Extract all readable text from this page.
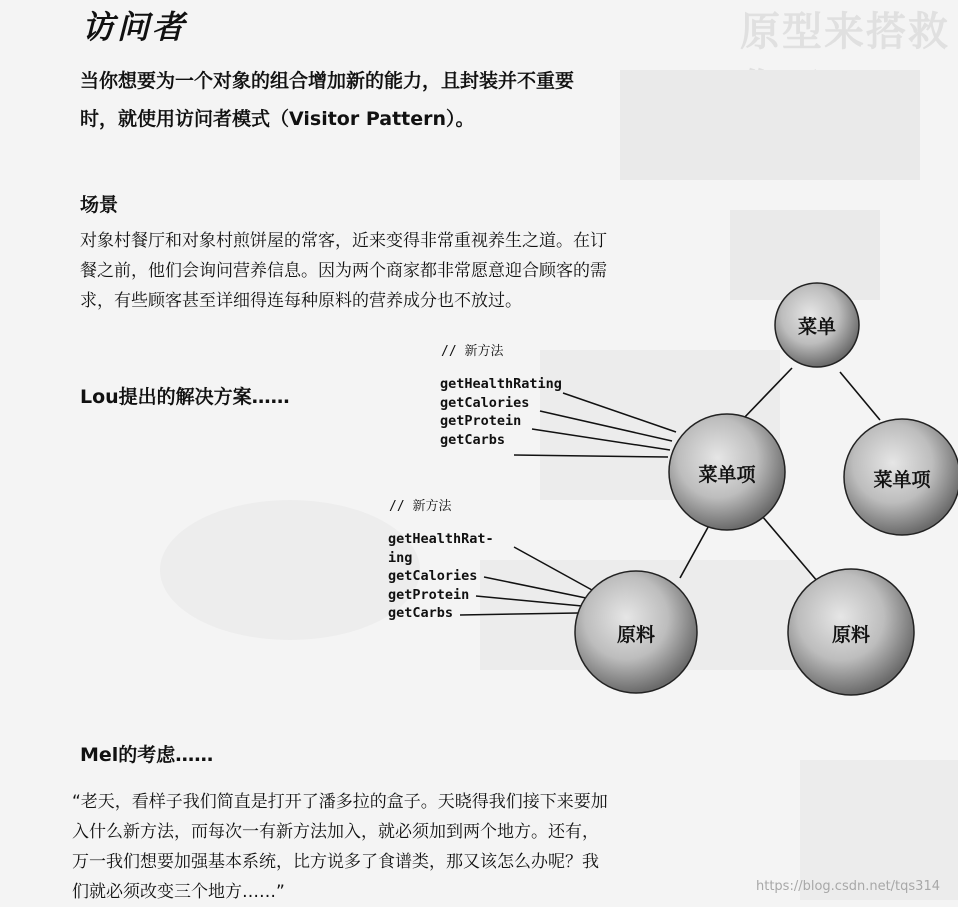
原型来搭救
访问者
当你想要为一个对象的组合增加新的能力，且封装并不重要时，就使用访问者模式（Visitor Pattern）。
场景
对象村餐厅和对象村煎饼屋的常客，近来变得非常重视养生之道。在订餐之前，他们会询问营养信息。因为两个商家都非常愿意迎合顾客的需求，有些顾客甚至详细得连每种原料的营养成分也不放过。
Lou提出的解决方案……
菜单
菜单项	菜单项
原料	原料
// 新方法
getHealthRating
getCalories
getProtein
getCarbs
// 新方法
getHealthRat-
ing
getCalories
getProtein
getCarbs
Mel的考虑……
“老天，看样子我们简直是打开了潘多拉的盒子。天晓得我们接下来要加入什么新方法，而每次一有新方法加入，就必须加到两个地方。还有，万一我们想要加强基本系统，比方说多了食谱类，那又该怎么办呢？我们就必须改变三个地方……”	https://blog.csdn.net/tqs314
